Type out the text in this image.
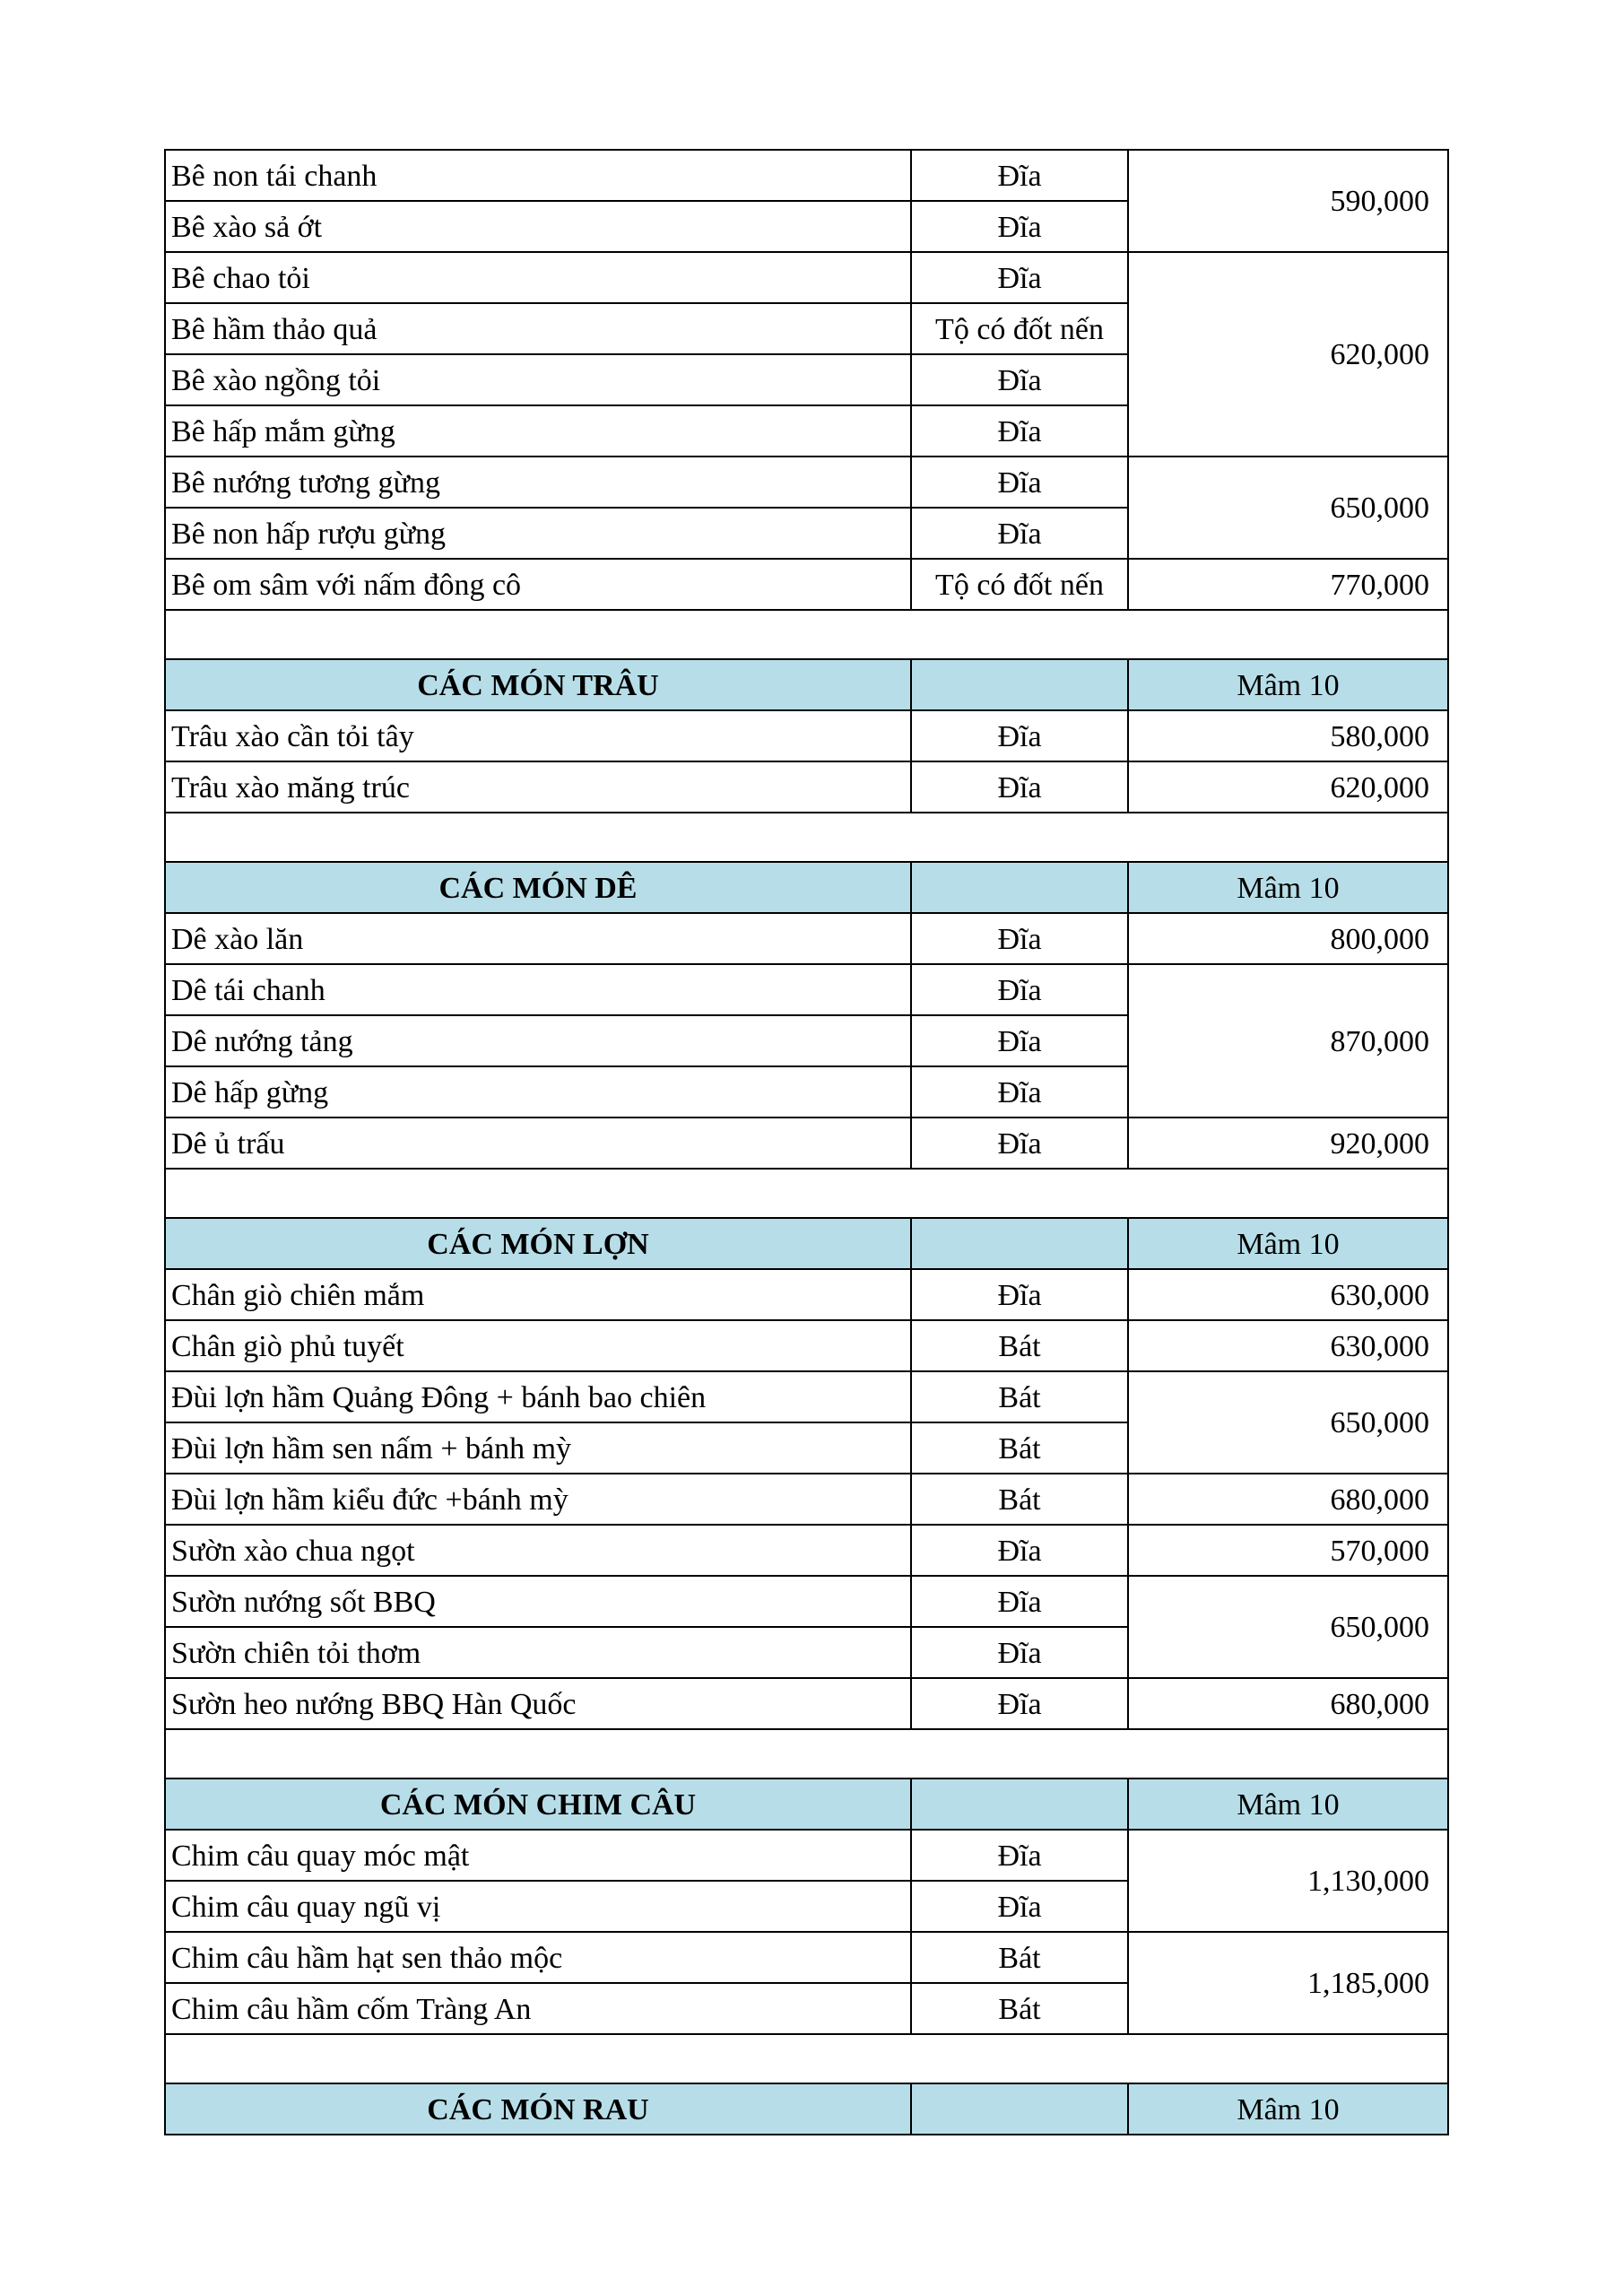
Bê non tái chanh	Đĩa	590,000
Bê xào sả ớt	Đĩa	
Bê chao tỏi	Đĩa	620,000
Bê hầm thảo quả	Tộ có đốt nến	
Bê xào ngồng tỏi	Đĩa	
Bê hấp mắm gừng	Đĩa	
Bê nướng tương gừng	Đĩa	650,000
Bê non hấp rượu gừng	Đĩa	
Bê om sâm với nấm đông cô	Tộ có đốt nến	770,000

CÁC MÓN TRÂU		Mâm 10
Trâu xào cần tỏi tây	Đĩa	580,000
Trâu xào măng trúc	Đĩa	620,000

CÁC MÓN DÊ		Mâm 10
Dê xào lăn	Đĩa	800,000
Dê tái chanh	Đĩa	870,000
Dê nướng tảng	Đĩa	
Dê hấp gừng	Đĩa	
Dê ủ trấu	Đĩa	920,000

CÁC MÓN LỢN		Mâm 10
Chân giò chiên mắm	Đĩa	630,000
Chân giò phủ tuyết	Bát	630,000
Đùi lợn hầm Quảng Đông + bánh bao chiên	Bát	650,000
Đùi lợn hầm sen nấm + bánh mỳ	Bát	
Đùi lợn hầm kiểu đức +bánh mỳ	Bát	680,000
Sườn xào chua ngọt	Đĩa	570,000
Sườn nướng sốt BBQ	Đĩa	650,000
Sườn chiên tỏi thơm	Đĩa	
Sườn heo nướng BBQ Hàn Quốc	Đĩa	680,000

CÁC MÓN CHIM CÂU		Mâm 10
Chim câu quay móc mật	Đĩa	1,130,000
Chim câu quay ngũ vị	Đĩa	
Chim câu hầm hạt sen thảo mộc	Bát	1,185,000
Chim câu hầm cốm Tràng An	Bát	

CÁC MÓN RAU		Mâm 10
